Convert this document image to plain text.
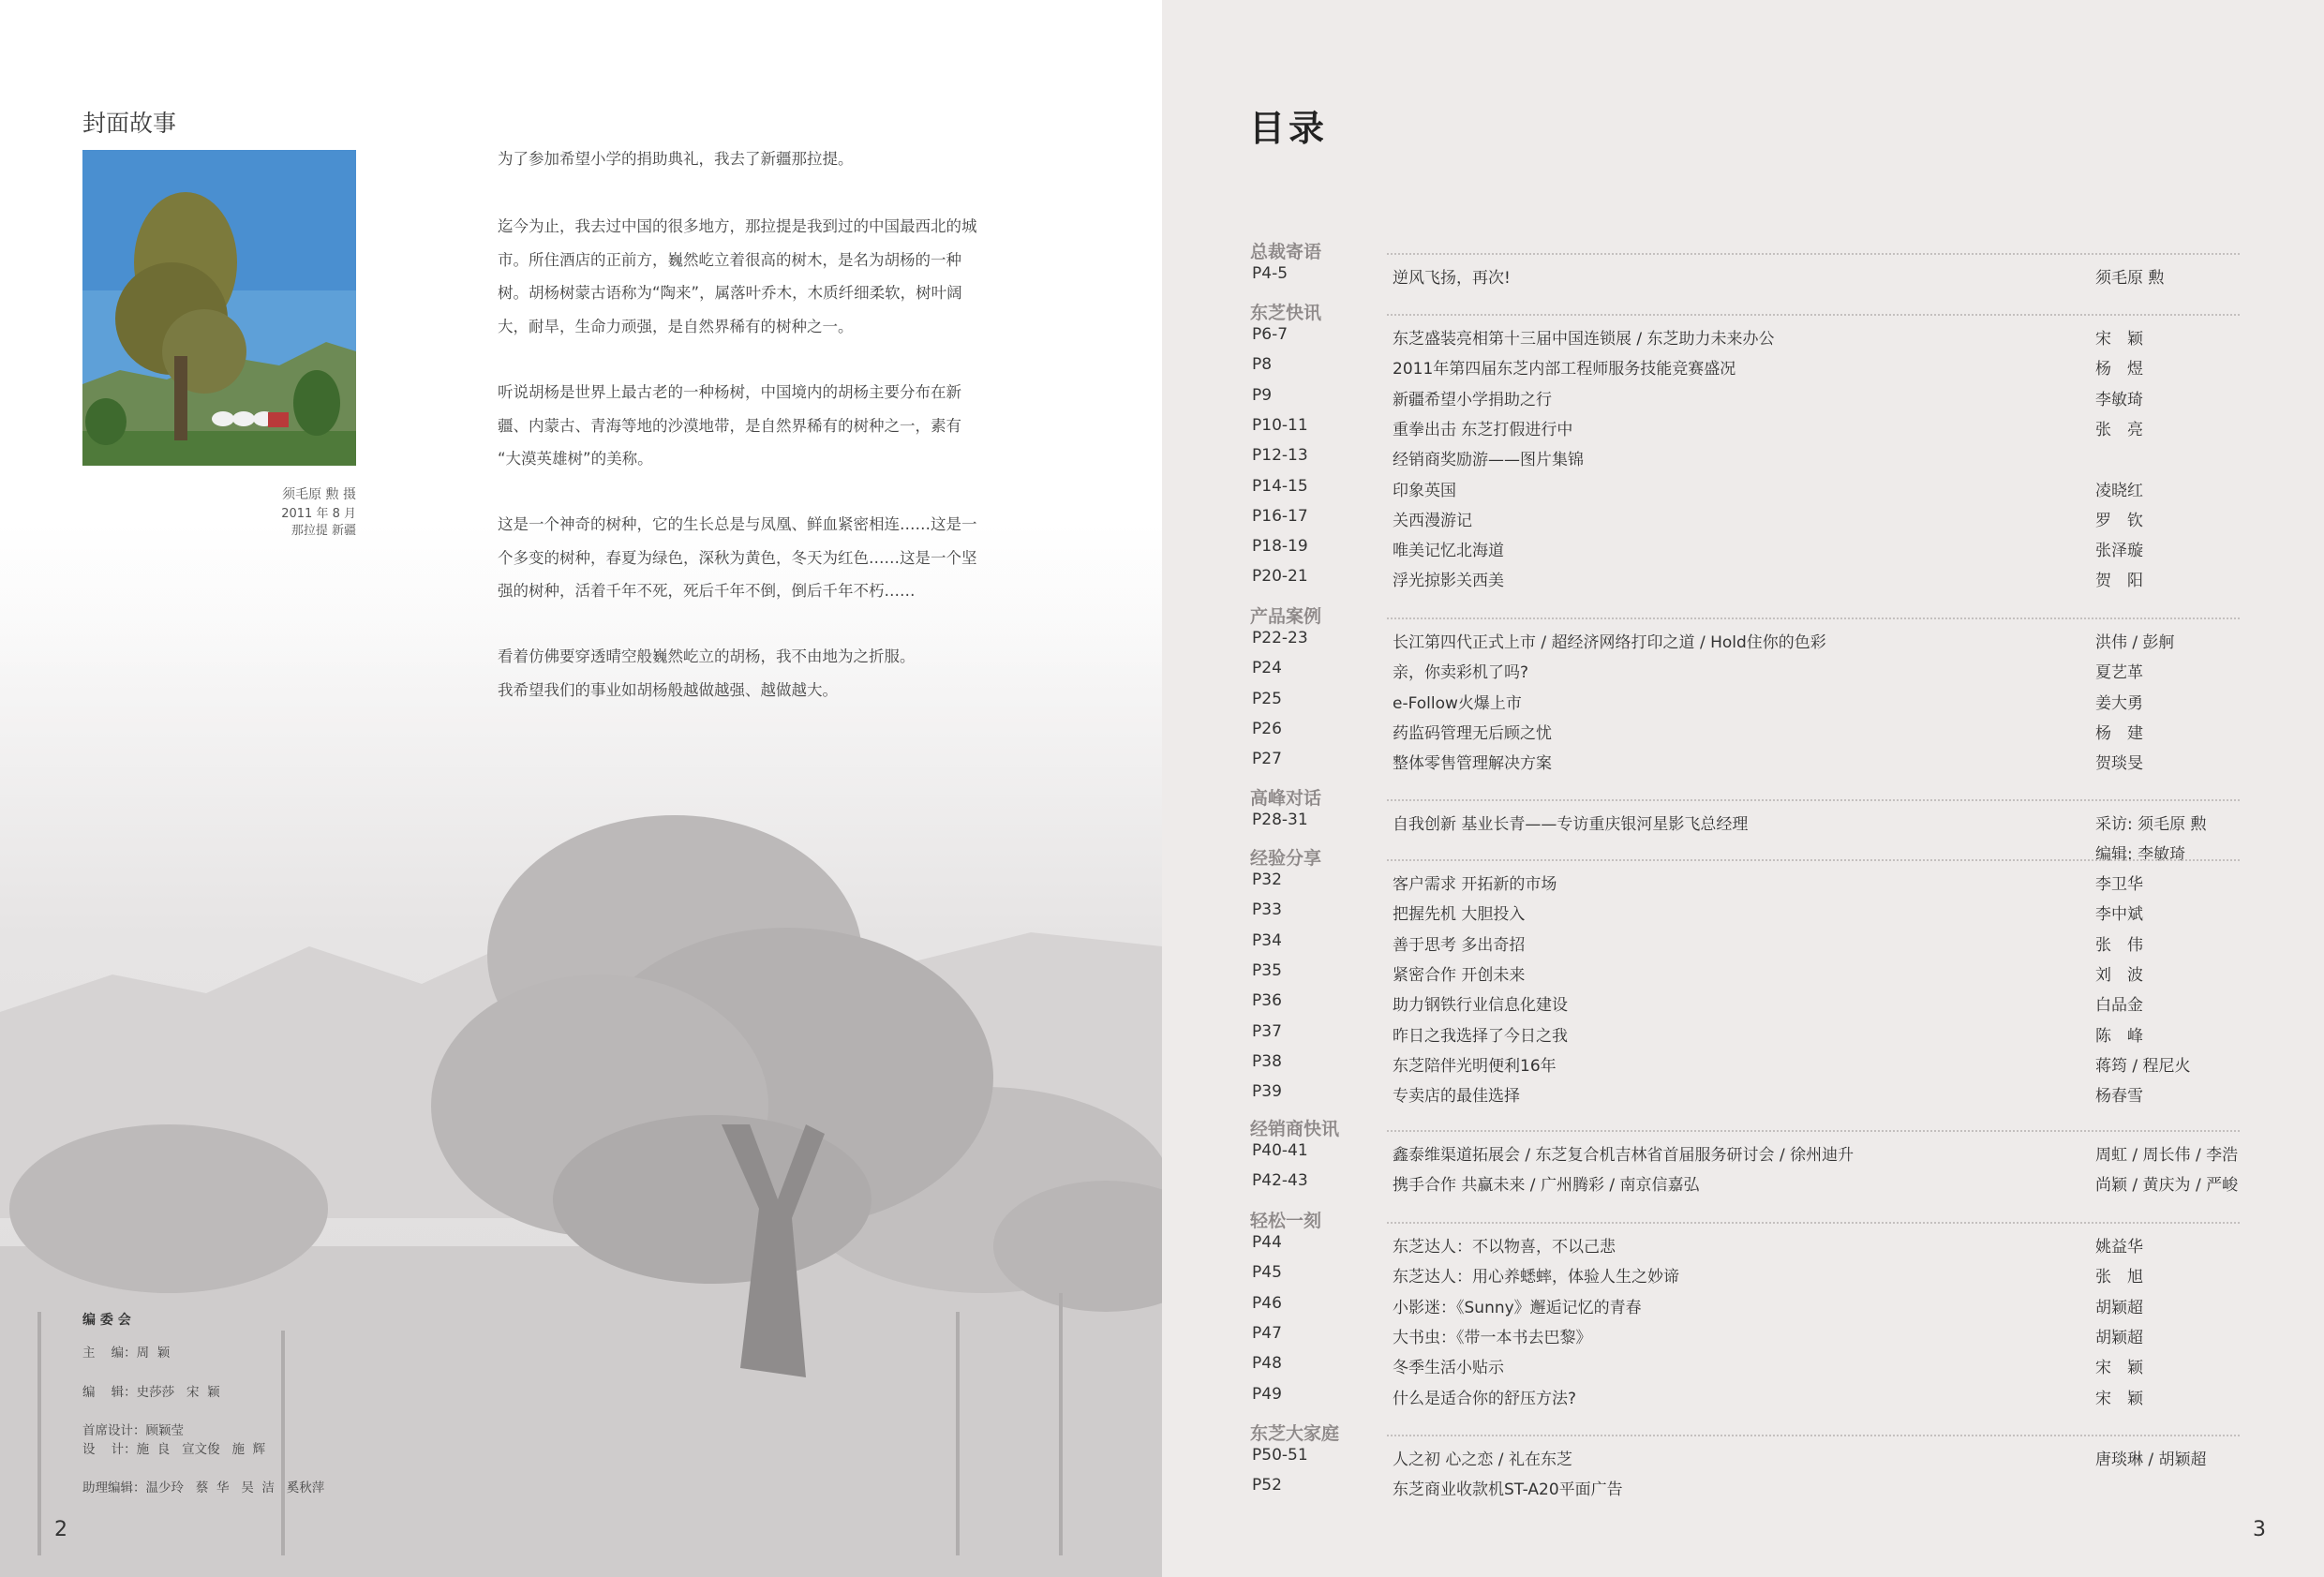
封面故事
须毛原 勲 摄
2011 年 8 月
那拉提 新疆

为了参加希望小学的捐助典礼，我去了新疆那拉提。

迄今为止，我去过中国的很多地方，那拉提是我到过的中国最西北的城

市。所住酒店的正前方，巍然屹立着很高的树木，是名为胡杨的一种

树。胡杨树蒙古语称为“陶来”，属落叶乔木，木质纤细柔软，树叶阔

大，耐旱，生命力顽强，是自然界稀有的树种之一。

听说胡杨是世界上最古老的一种杨树，中国境内的胡杨主要分布在新

疆、内蒙古、青海等地的沙漠地带，是自然界稀有的树种之一，素有

“大漠英雄树”的美称。

这是一个神奇的树种，它的生长总是与凤凰、鲜血紧密相连……这是一

个多变的树种，春夏为绿色，深秋为黄色，冬天为红色……这是一个坚

强的树种，活着千年不死，死后千年不倒，倒后千年不朽……

看着仿佛要穿透晴空般巍然屹立的胡杨，我不由地为之折服。

我希望我们的事业如胡杨般越做越强、越做越大。

编 委 会
主    编：周  颖
编    辑：史莎莎   宋  颖
首席设计：顾颖莹
设    计：施  良   宣文俊   施  辉
助理编辑：温少玲   蔡  华   吴  洁   奚秋萍
2
目录
总裁寄语
P4-5	逆风飞扬，再次!	须毛原 勲
东芝快讯
P6-7	东芝盛装亮相第十三届中国连锁展 / 东芝助力未来办公	宋　颖
P8	2011年第四届东芝内部工程师服务技能竞赛盛况	杨　煜
P9	新疆希望小学捐助之行	李敏琦
P10-11	重拳出击 东芝打假进行中	张　亮
P12-13	经销商奖励游——图片集锦
P14-15	印象英国	凌晓红
P16-17	关西漫游记	罗　钦
P18-19	唯美记忆北海道	张泽璇
P20-21	浮光掠影关西美	贺　阳
产品案例
P22-23	长江第四代正式上市 / 超经济网络打印之道 / Hold住你的色彩	洪伟 / 彭舸
P24	亲，你卖彩机了吗?	夏艺革
P25	e-Follow火爆上市	姜大勇
P26	药监码管理无后顾之忧	杨　建
P27	整体零售管理解决方案	贺琰旻
高峰对话
P28-31	自我创新 基业长青——专访重庆银河星影飞总经理	采访: 须毛原 勲
编辑: 李敏琦
经验分享
P32	客户需求 开拓新的市场	李卫华
P33	把握先机 大胆投入	李中斌
P34	善于思考 多出奇招	张　伟
P35	紧密合作 开创未来	刘　波
P36	助力钢铁行业信息化建设	白品金
P37	昨日之我选择了今日之我	陈　峰
P38	东芝陪伴光明便利16年	蒋筠 / 程尼火
P39	专卖店的最佳选择	杨春雪
经销商快讯
P40-41	鑫泰维渠道拓展会 / 东芝复合机吉林省首届服务研讨会 / 徐州迪升	周虹 / 周长伟 / 李浩
P42-43	携手合作 共赢未来 / 广州腾彩 / 南京信嘉弘	尚颖 / 黄庆为 / 严峻
轻松一刻
P44	东芝达人：不以物喜，不以己悲	姚益华
P45	东芝达人：用心养蟋蟀，体验人生之妙谛	张　旭
P46	小影迷：《Sunny》邂逅记忆的青春	胡颖超
P47	大书虫：《带一本书去巴黎》	胡颖超
P48	冬季生活小贴示	宋　颖
P49	什么是适合你的舒压方法?	宋　颖
东芝大家庭
P50-51	人之初 心之恋 / 礼在东芝	唐琰琳 / 胡颖超
P52	东芝商业收款机ST-A20平面广告
3
